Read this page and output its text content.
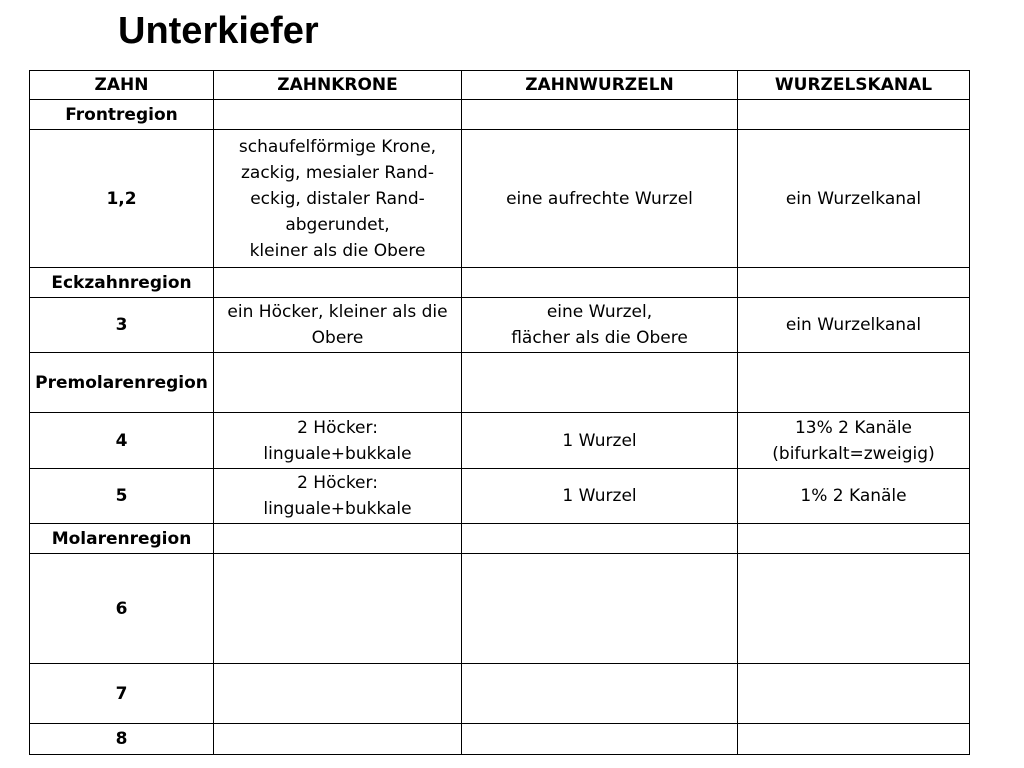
Unterkiefer
ZAHN	ZAHNKRONE	ZAHNWURZELN	WURZELSKANAL
Frontregion			
1,2	schaufelförmige Krone,
zackig, mesialer Rand-
eckig, distaler Rand-
abgerundet,
kleiner als die Obere	eine aufrechte Wurzel	ein Wurzelkanal
Eckzahnregion			
3	ein Höcker, kleiner als die
Obere	eine Wurzel,
flächer als die Obere	ein Wurzelkanal
Premolarenregion			
4	2 Höcker:
linguale+bukkale	1 Wurzel	13% 2 Kanäle
(bifurkalt=zweigig)
5	2 Höcker:
linguale+bukkale	1 Wurzel	1% 2 Kanäle
Molarenregion			
6			
7			
8			
